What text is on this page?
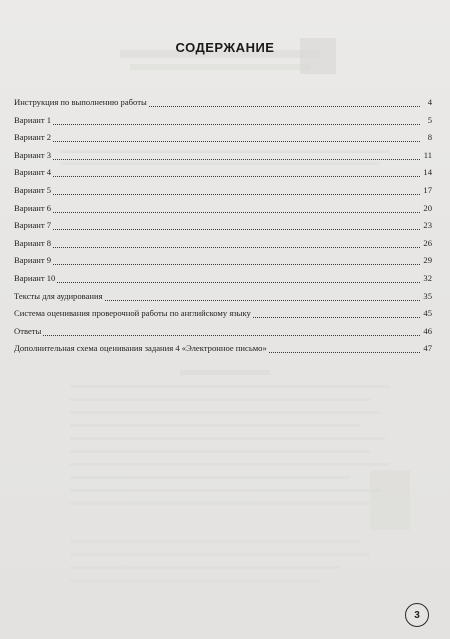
СОДЕРЖАНИЕ
Инструкция по выполнению работы	4
Вариант 1	5
Вариант 2	8
Вариант 3	11
Вариант 4	14
Вариант 5	17
Вариант 6	20
Вариант 7	23
Вариант 8	26
Вариант 9	29
Вариант 10	32
Тексты для аудирования	35
Система оценивания проверочной работы по английскому языку	45
Ответы	46
Дополнительная схема оценивания задания 4 «Электронное письмо»	47
3
